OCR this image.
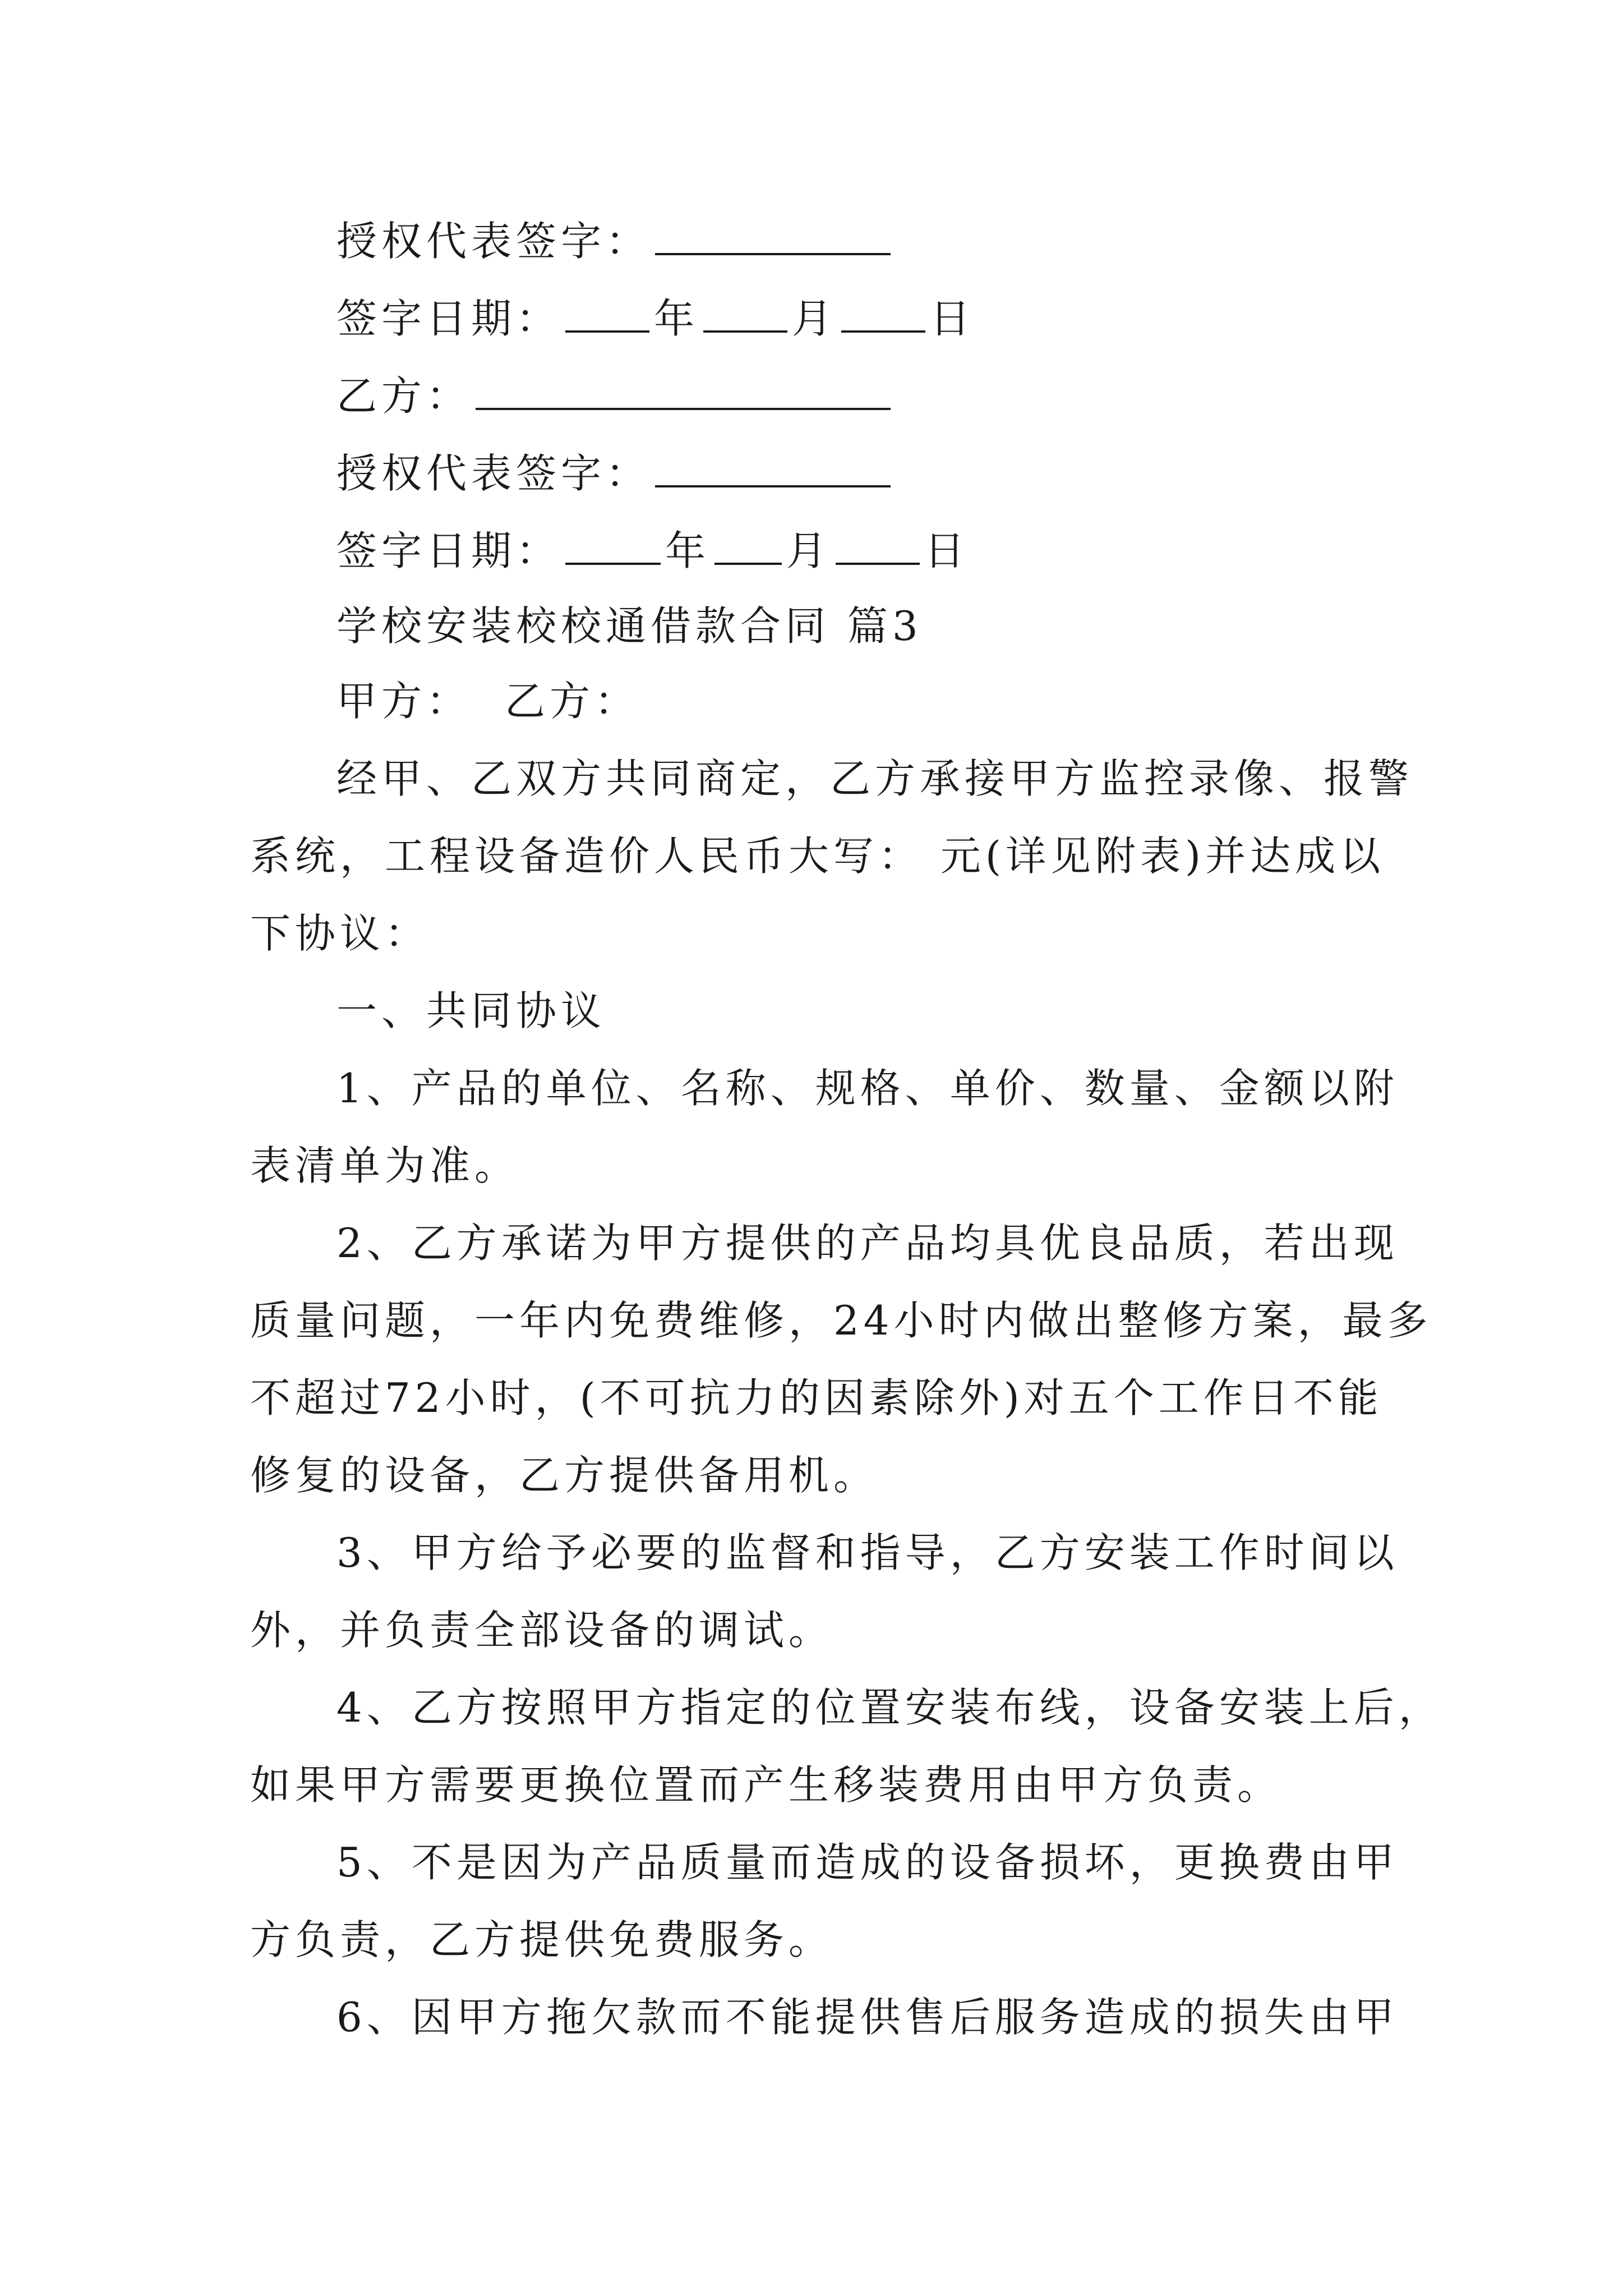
授权代表签字：

签字日期： 年 月 日

乙方：

授权代表签字：

签字日期：	年 月 日

学校安装校校通借款合同 篇3

甲方： 乙方：

经甲、乙双方共同商定，乙方承接甲方监控录像、报警

系统，工程设备造价人民币大写： 元(详见附表)并达成以

下协议：

一、共同协议

1、产品的单位、名称、规格、单价、数量、金额以附

表清单为准。

2、乙方承诺为甲方提供的产品均具优良品质，若出现

质量问题，一年内免费维修，24小时内做出整修方案，最多

不超过72小时，(不可抗力的因素除外)对五个工作日不能

修复的设备，乙方提供备用机。

3、甲方给予必要的监督和指导，乙方安装工作时间以

外，并负责全部设备的调试。

4、乙方按照甲方指定的位置安装布线，设备安装上后，

如果甲方需要更换位置而产生移装费用由甲方负责。

5、不是因为产品质量而造成的设备损坏，更换费由甲

方负责，乙方提供免费服务。

6、因甲方拖欠款而不能提供售后服务造成的损失由甲
